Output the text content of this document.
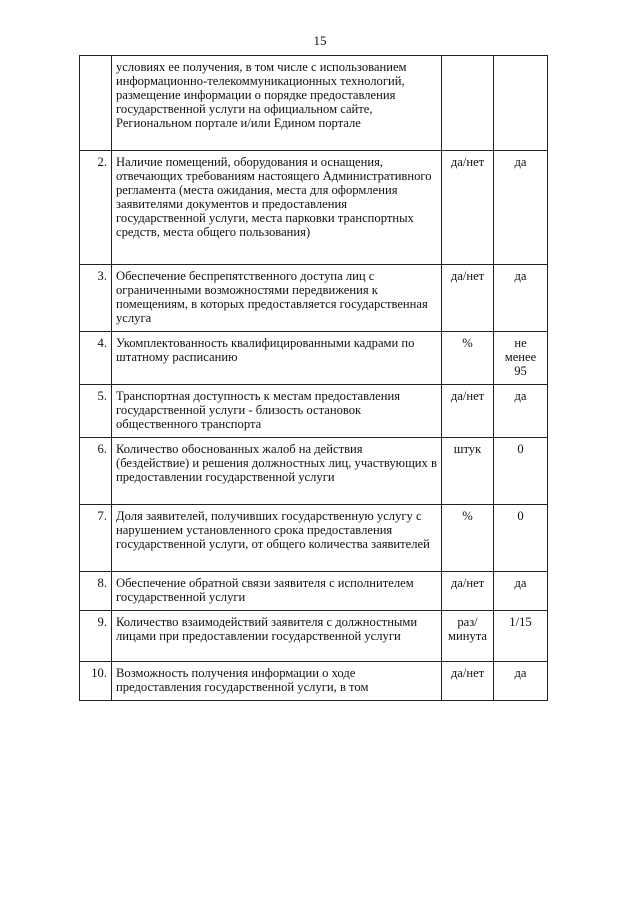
15
	условиях ее получения, в том числе с использованием информационно-телекоммуникационных технологий, размещение информации о порядке предоставления государственной услуги на официальном сайте, Региональном портале и/или Едином портале		
2.	Наличие помещений, оборудования и оснащения, отвечающих требованиям настоящего Административного регламента (места ожидания, места для оформления заявителями документов и предоставления государственной услуги, места парковки транспортных средств, места общего пользования)	да/нет	да
3.	Обеспечение беспрепятственного доступа лиц с ограниченными возможностями передвижения к помещениям, в которых предоставляется государственная услуга	да/нет	да
4.	Укомплектованность квалифицированными кадрами по штатному расписанию	%	не менее 95
5.	Транспортная доступность к местам предоставления государственной услуги - близость остановок общественного транспорта	да/нет	да
6.	Количество обоснованных жалоб на действия (бездействие) и решения должностных лиц, участвующих в предоставлении государственной услуги	штук	0
7.	Доля заявителей, получивших государственную услугу с нарушением установленного срока предоставления государственной услуги, от общего количества заявителей	%	0
8.	Обеспечение обратной связи заявителя с исполнителем государственной услуги	да/нет	да
9.	Количество взаимодействий заявителя с должностными лицами при предоставлении государственной услуги	раз/минута	1/15
10.	Возможность получения информации о ходе предоставления государственной услуги, в том	да/нет	да
